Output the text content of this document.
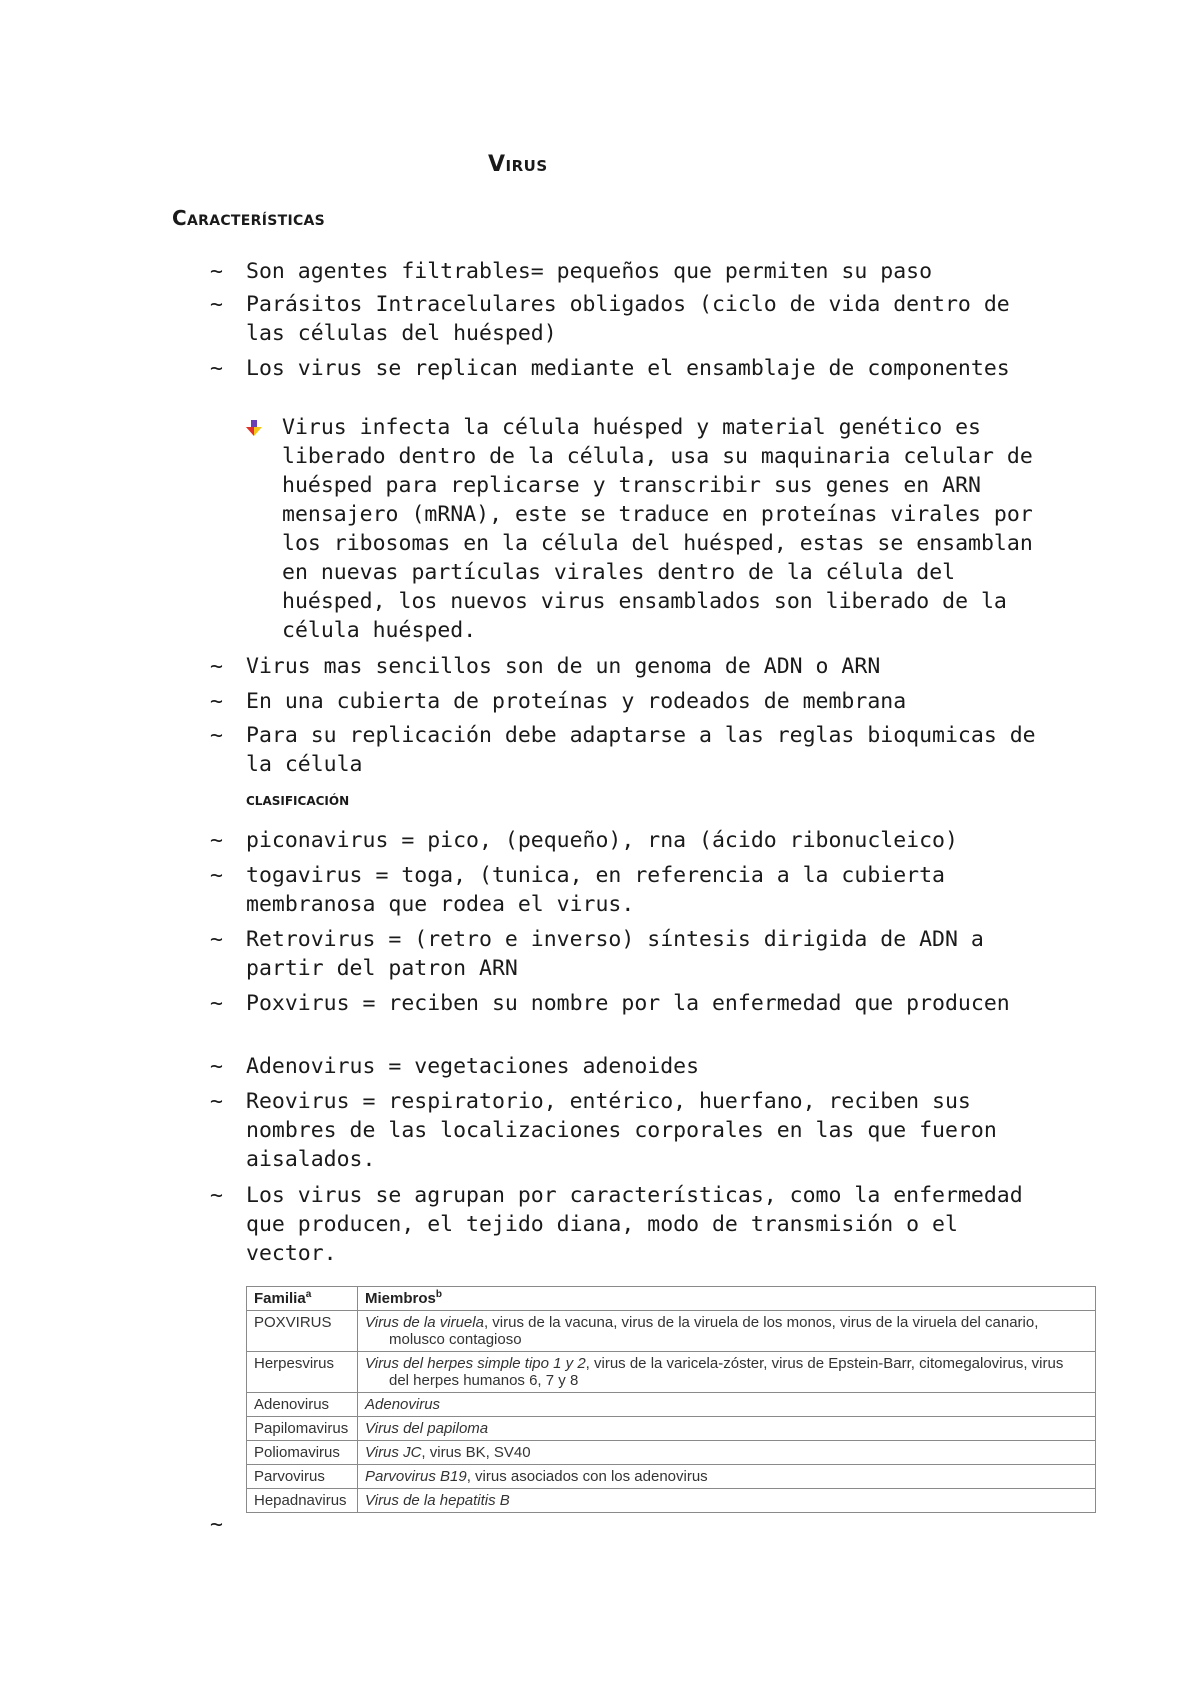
Virus
Características
~ Son agentes filtrables= pequeños que permiten su paso
~ Parásitos Intracelulares obligados (ciclo de vida dentro de las células del huésped)
~ Los virus se replican mediante el ensamblaje de componentes
Virus infecta la célula huésped y material genético es liberado dentro de la célula, usa su maquinaria celular de huésped para replicarse y transcribir sus genes en ARN mensajero (mRNA), este se traduce en proteínas virales por los ribosomas en la célula del huésped, estas se ensamblan en nuevas partículas virales dentro de la célula del huésped, los nuevos virus ensamblados son liberado de la célula huésped.
~ Virus mas sencillos son de un genoma de ADN o ARN
~ En una cubierta de proteínas y rodeados de membrana
~ Para su replicación debe adaptarse a las reglas bioqumicas de la célula
clasificación
~ piconavirus = pico, (pequeño), rna (ácido ribonucleico)
~ togavirus = toga, (tunica, en referencia a la cubierta membranosa que rodea el virus.
~ Retrovirus = (retro e inverso) síntesis dirigida de ADN a partir del patron ARN
~ Poxvirus = reciben su nombre por la enfermedad que producen
~ Adenovirus = vegetaciones adenoides
~ Reovirus = respiratorio, entérico, huerfano, reciben sus nombres de las localizaciones corporales en las que fueron aisalados.
~ Los virus se agrupan por características, como la enfermedad que producen, el tejido diana, modo de transmisión o el vector.
~
Familia$^a$	Miembros$^b$
POXVIRUS	Virus de la viruela, virus de la vacuna, virus de la viruela de los monos, virus de la viruela del canario,
molusco contagioso

Herpesvirus	Virus del herpes simple tipo 1 y 2, virus de la varicela-zóster, virus de Epstein-Barr, citomegalovirus, virus
del herpes humanos 6, 7 y 8

Adenovirus	Adenovirus
Papilomavirus	Virus del papiloma
Poliomavirus	Virus JC, virus BK, SV40
Parvovirus	Parvovirus B19, virus asociados con los adenovirus
Hepadnavirus	Virus de la hepatitis B
